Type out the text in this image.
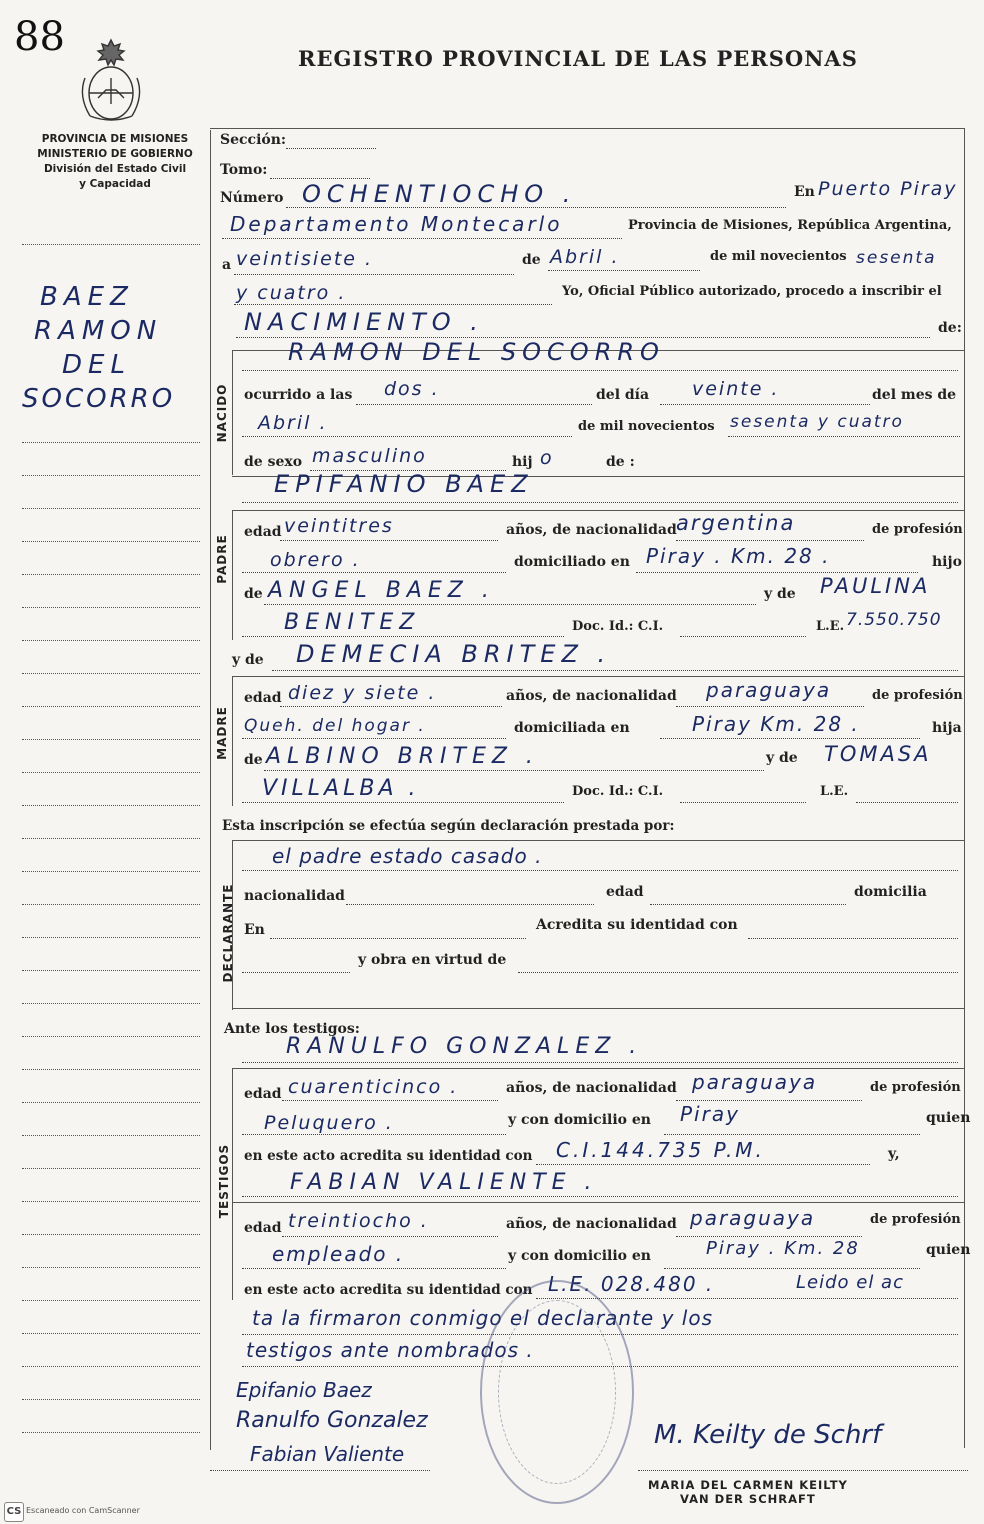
88	REGISTRO PROVINCIAL DE LAS PERSONAS
PROVINCIA DE MISIONES
MINISTERIO DE GOBIERNO
División del Estado Civil
y Capacidad
BAEZ
RAMON
DEL
SOCORRO
Sección:
Tomo:
Número OCHENTIOCHO .	En Puerto Piray
Departamento Montecarlo	Provincia de Misiones, República Argentina,
a veintisiete .	de Abril .	de mil novecientos sesenta
y cuatro .	Yo, Oficial Público autorizado, procedo a inscribir el
NACIMIENTO .	de:
NACIDO
RAMON DEL SOCORRO
ocurrido a las dos .	del día veinte .	del mes de
Abril .	de mil novecientos sesenta y cuatro
de sexo masculino	hij o	de :
EPIFANIO BAEZ
PADRE
edad veintitres	años, de nacionalidad argentina	de profesión
obrero .	domiciliado en Piray . Km. 28 .	hijo
de ANGEL BAEZ .	y de PAULINA
BENITEZ	Doc. Id.: C.I.	L.E. 7.550.750
y de DEMECIA BRITEZ .
MADRE
edad diez y siete .	años, de nacionalidad paraguaya	de profesión
Queh. del hogar .	domiciliada en	Piray Km. 28 .	hija
de ALBINO BRITEZ .	y de TOMASA
VILLALBA .	Doc. Id.: C.I.	L.E.
Esta inscripción se efectúa según declaración prestada por:
DECLARANTE
el padre estado casado .
nacionalidad	edad	domicilia
En	Acredita su identidad con
y obra en virtud de
Ante los testigos:
RANULFO GONZALEZ .
TESTIGOS
edad cuarenticinco .	años, de nacionalidad paraguaya	de profesión
Peluquero .	y con domicilio en Piray	quien
en este acto acredita su identidad con C.I.144.735 P.M.	y,
FABIAN VALIENTE .
edad treintiocho .	años, de nacionalidad paraguaya	de profesión
empleado .	y con domicilio en	Piray . Km. 28	quien
en este acto acredita su identidad con L.E. 028.480 .	Leido el ac
ta la firmaron conmigo el declarante y los
testigos ante nombrados .
Epifanio Baez
Ranulfo Gonzalez
Fabian Valiente
M. Keilty de Schrf
MARIA DEL CARMEN KEILTY
VAN DER SCHRAFT
CS Escaneado con CamScanner
